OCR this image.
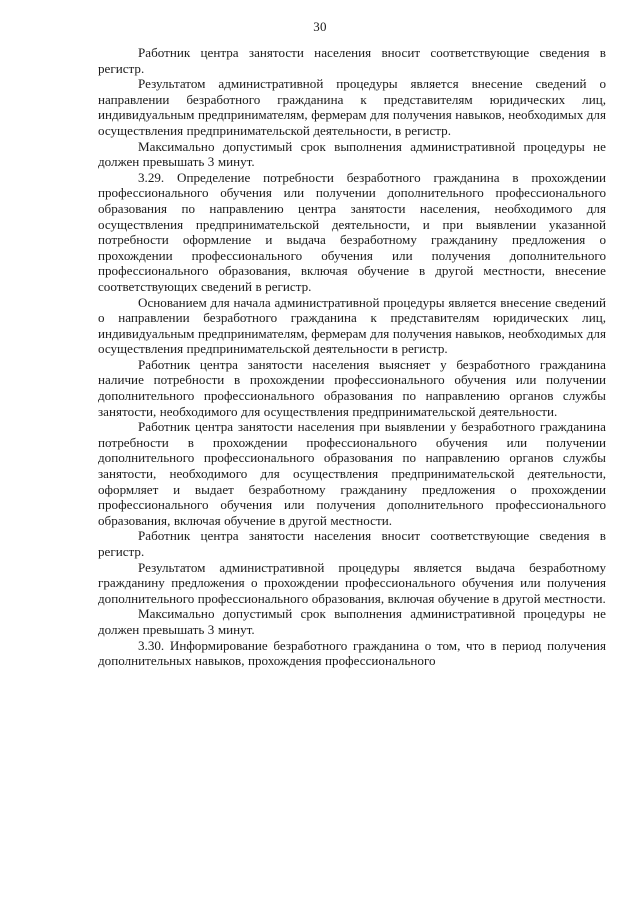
30

Работник центра занятости населения вносит соответствующие сведения в регистр.

Результатом административной процедуры является внесение сведений о направлении безработного гражданина к представителям юридических лиц, индивидуальным предпринимателям, фермерам для получения навыков, необходимых для осуществления предпринимательской деятельности, в регистр.

Максимально допустимый срок выполнения административной процедуры не должен превышать 3 минут.

3.29. Определение потребности безработного гражданина в прохождении профессионального обучения или получении дополнительного профессионального образования по направлению центра занятости населения, необходимого для осуществления предпринимательской деятельности, и при выявлении указанной потребности оформление и выдача безработному гражданину предложения о прохождении профессионального обучения или получения дополнительного профессионального образования, включая обучение в другой местности, внесение соответствующих сведений в регистр.

Основанием для начала административной процедуры является внесение сведений о направлении безработного гражданина к представителям юридических лиц, индивидуальным предпринимателям, фермерам для получения навыков, необходимых для осуществления предпринимательской деятельности в регистр.

Работник центра занятости населения выясняет у безработного гражданина наличие потребности в прохождении профессионального обучения или получении дополнительного профессионального образования по направлению органов службы занятости, необходимого для осуществления предпринимательской деятельности.

Работник центра занятости населения при выявлении у безработного гражданина потребности в прохождении профессионального обучения или получении дополнительного профессионального образования по направлению органов службы занятости, необходимого для осуществления предпринимательской деятельности, оформляет и выдает безработному гражданину предложения о прохождении профессионального обучения или получения дополнительного профессионального образования, включая обучение в другой местности.

Работник центра занятости населения вносит соответствующие сведения в регистр.

Результатом административной процедуры является выдача безработному гражданину предложения о прохождении профессионального обучения или получения дополнительного профессионального образования, включая обучение в другой местности.

Максимально допустимый срок выполнения административной процедуры не должен превышать 3 минут.

3.30. Информирование безработного гражданина о том, что в период получения дополнительных навыков, прохождения профессионального
